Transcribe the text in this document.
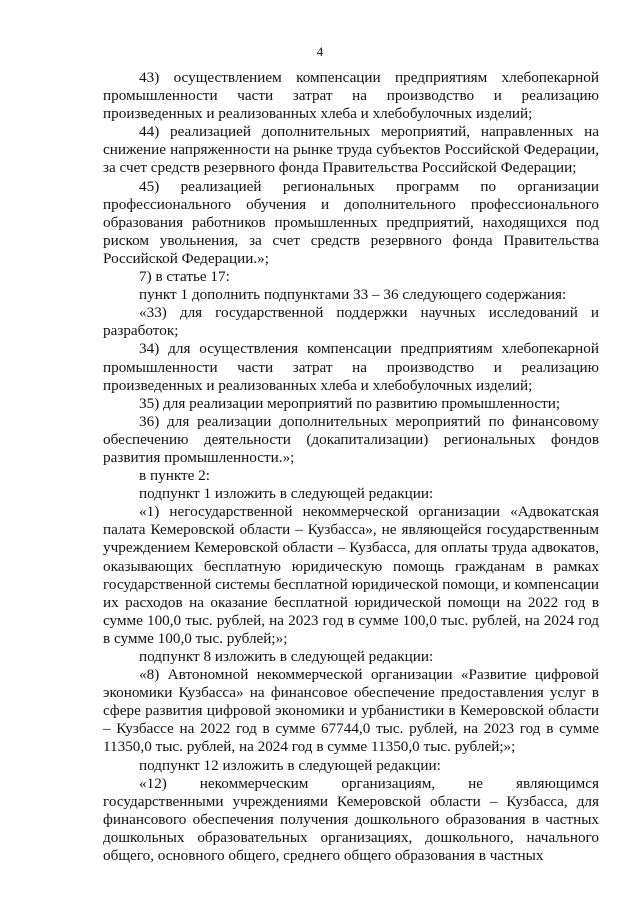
4

43) осуществлением компенсации предприятиям хлебопекарной промышленности части затрат на производство и реализацию произведенных и реализованных хлеба и хлебобулочных изделий;

44) реализацией дополнительных мероприятий, направленных на снижение напряженности на рынке труда субъектов Российской Федерации, за счет средств резервного фонда Правительства Российской Федерации;

45) реализацией региональных программ по организации профессионального обучения и дополнительного профессионального образования работников промышленных предприятий, находящихся под риском увольнения, за счет средств резервного фонда Правительства Российской Федерации.»;

7) в статье 17:

пункт 1 дополнить подпунктами 33 – 36 следующего содержания:

«33) для государственной поддержки научных исследований и разработок;

34) для осуществления компенсации предприятиям хлебопекарной промышленности части затрат на производство и реализацию произведенных и реализованных хлеба и хлебобулочных изделий;

35) для реализации мероприятий по развитию промышленности;

36) для реализации дополнительных мероприятий по финансовому обеспечению деятельности (докапитализации) региональных фондов развития промышленности.»;

в пункте 2:

подпункт 1 изложить в следующей редакции:

«1) негосударственной некоммерческой организации «Адвокатская палата Кемеровской области – Кузбасса», не являющейся государственным учреждением Кемеровской области – Кузбасса, для оплаты труда адвокатов, оказывающих бесплатную юридическую помощь гражданам в рамках государственной системы бесплатной юридической помощи, и компенсации их расходов на оказание бесплатной юридической помощи на 2022 год в сумме 100,0 тыс. рублей, на 2023 год в сумме 100,0 тыс. рублей, на 2024 год в сумме 100,0 тыс. рублей;»;

подпункт 8 изложить в следующей редакции:

«8) Автономной некоммерческой организации «Развитие цифровой экономики Кузбасса» на финансовое обеспечение предоставления услуг в сфере развития цифровой экономики и урбанистики в Кемеровской области – Кузбассе на 2022 год в сумме 67744,0 тыс. рублей, на 2023 год в сумме 11350,0 тыс. рублей, на 2024 год в сумме 11350,0 тыс. рублей;»;

подпункт 12 изложить в следующей редакции:

«12) некоммерческим организациям, не являющимся государственными учреждениями Кемеровской области – Кузбасса, для финансового обеспечения получения дошкольного образования в частных дошкольных образовательных организациях, дошкольного, начального общего, основного общего, среднего общего образования в частных
